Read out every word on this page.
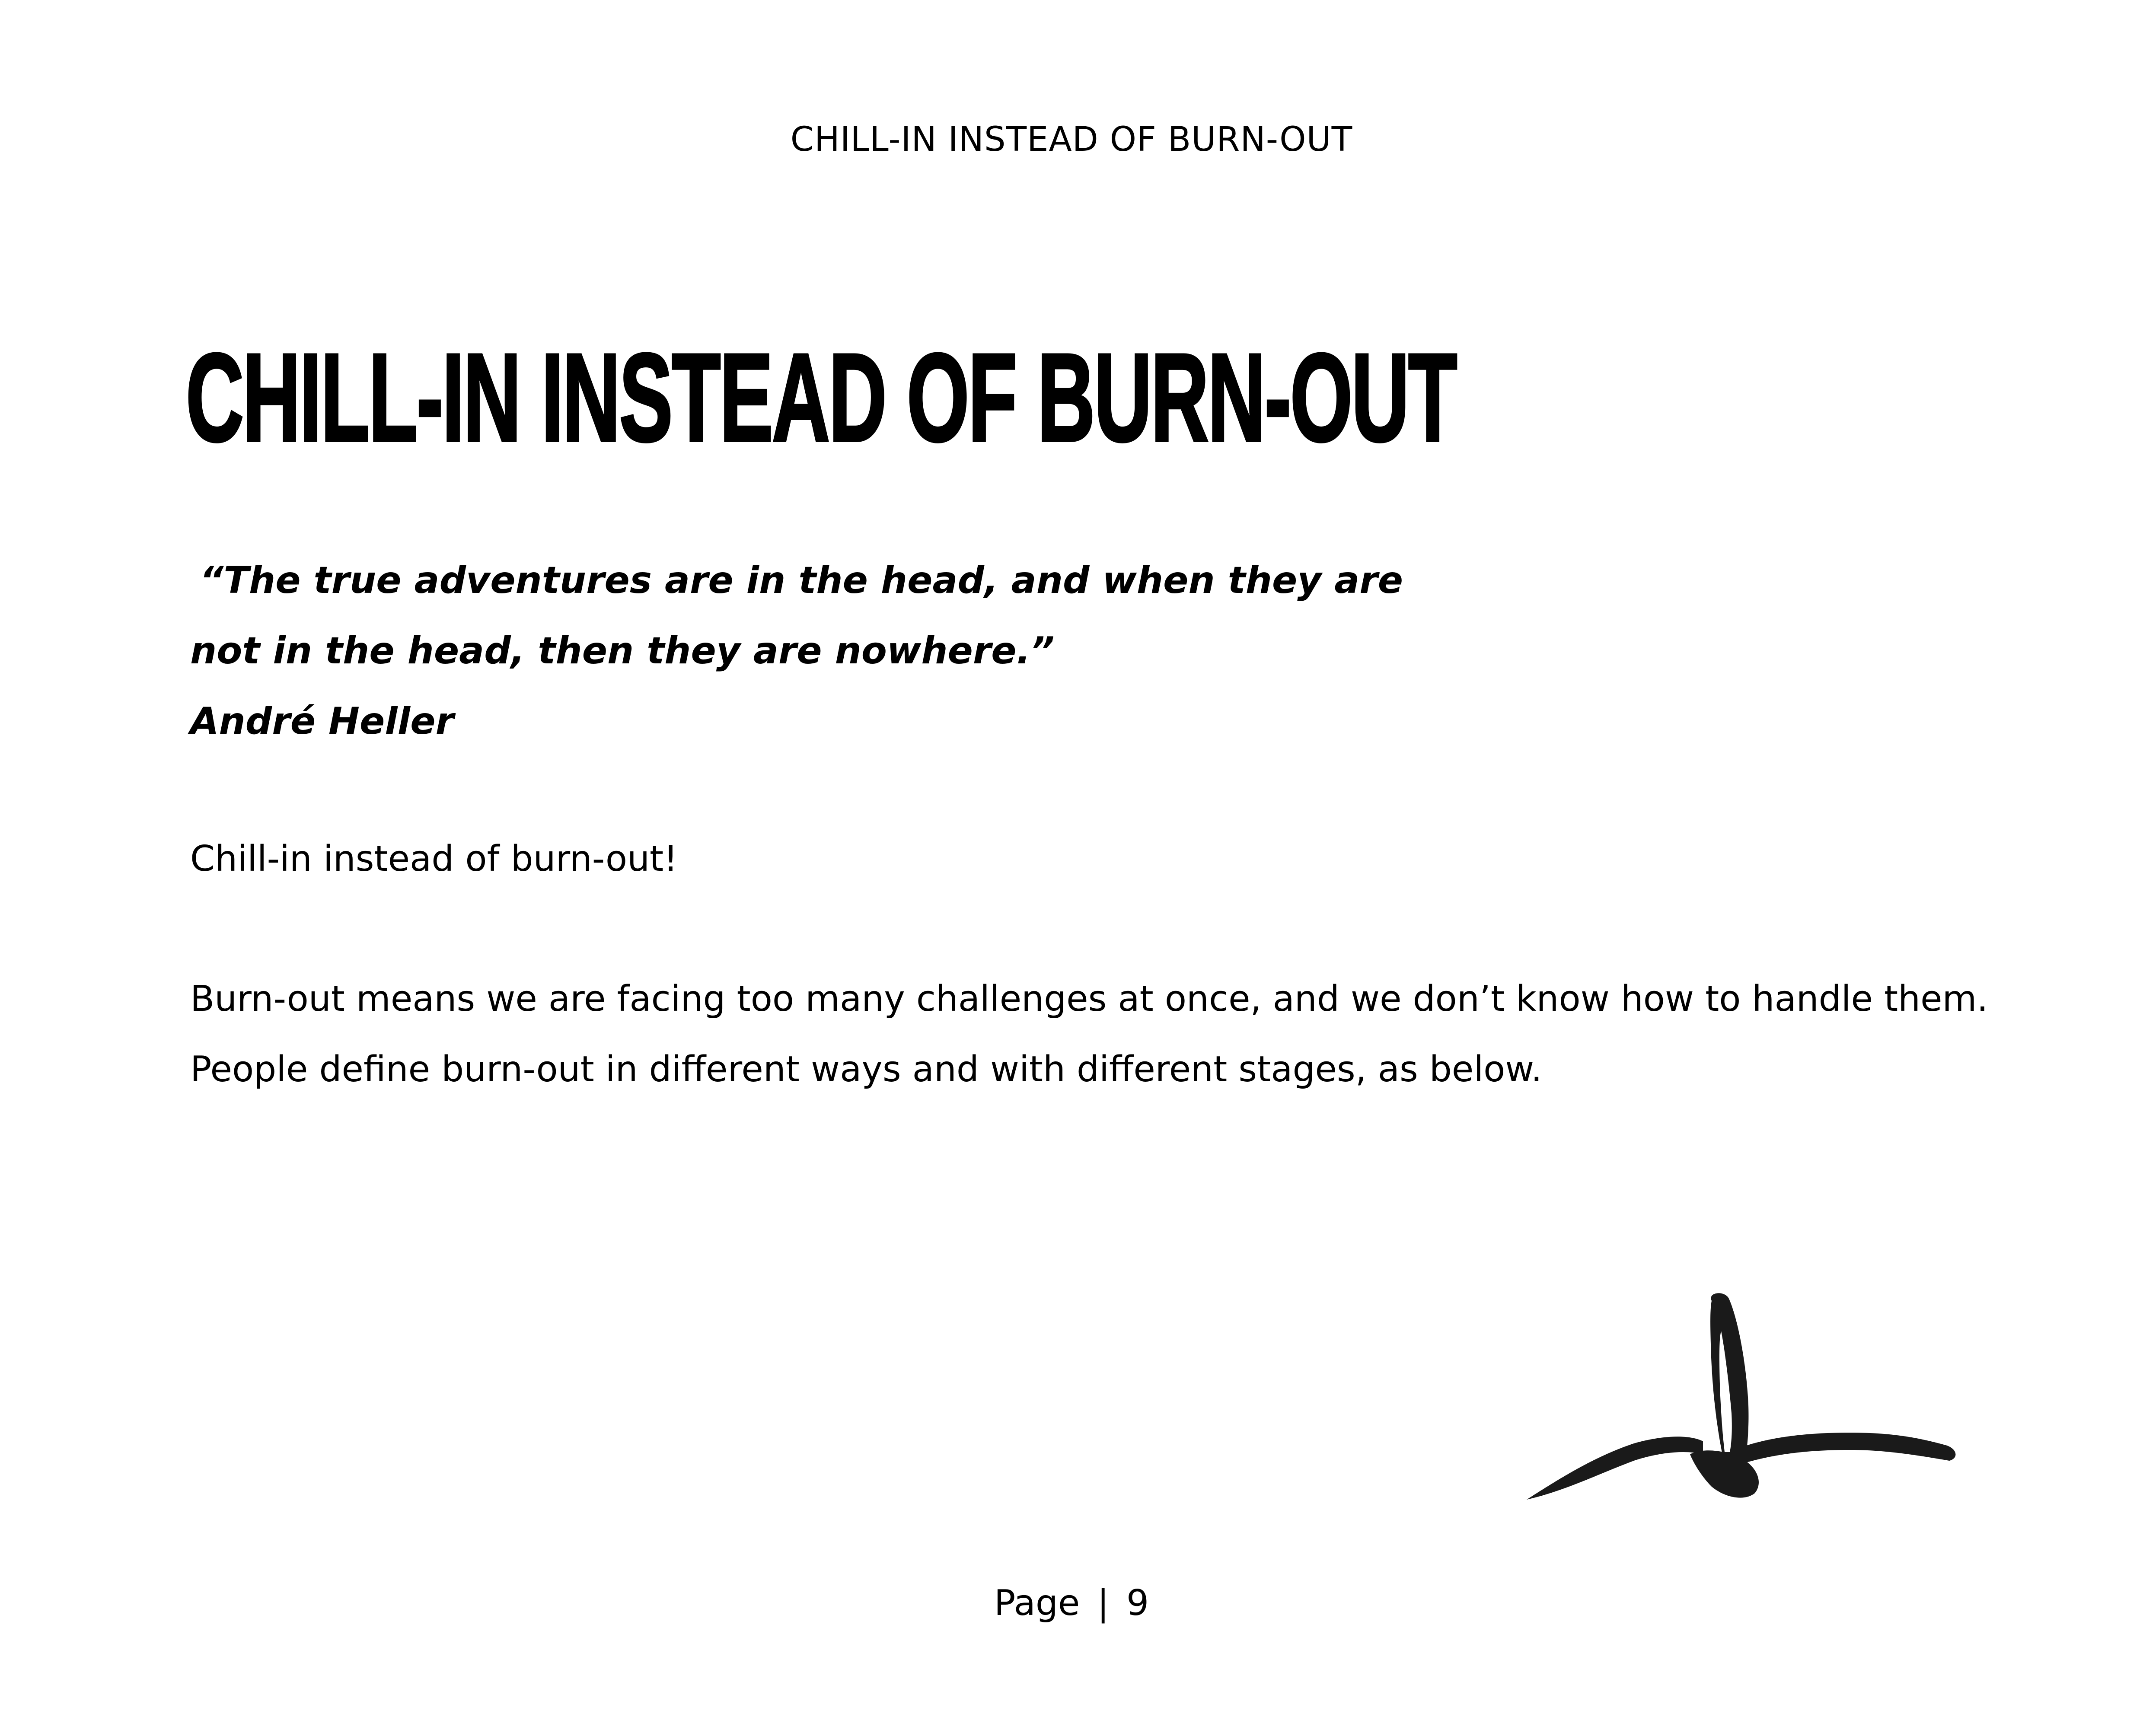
CHILL-IN INSTEAD OF BURN-OUT
CHILL-IN INSTEAD OF BURN-OUT
“The true adventures are in the head, and when they are
not in the head, then they are nowhere.”
André Heller
Chill-in instead of burn-out!
Burn-out means we are facing too many challenges at once, and we don’t know how to handle them.
People define burn-out in different ways and with different stages, as below.
Page | 9
